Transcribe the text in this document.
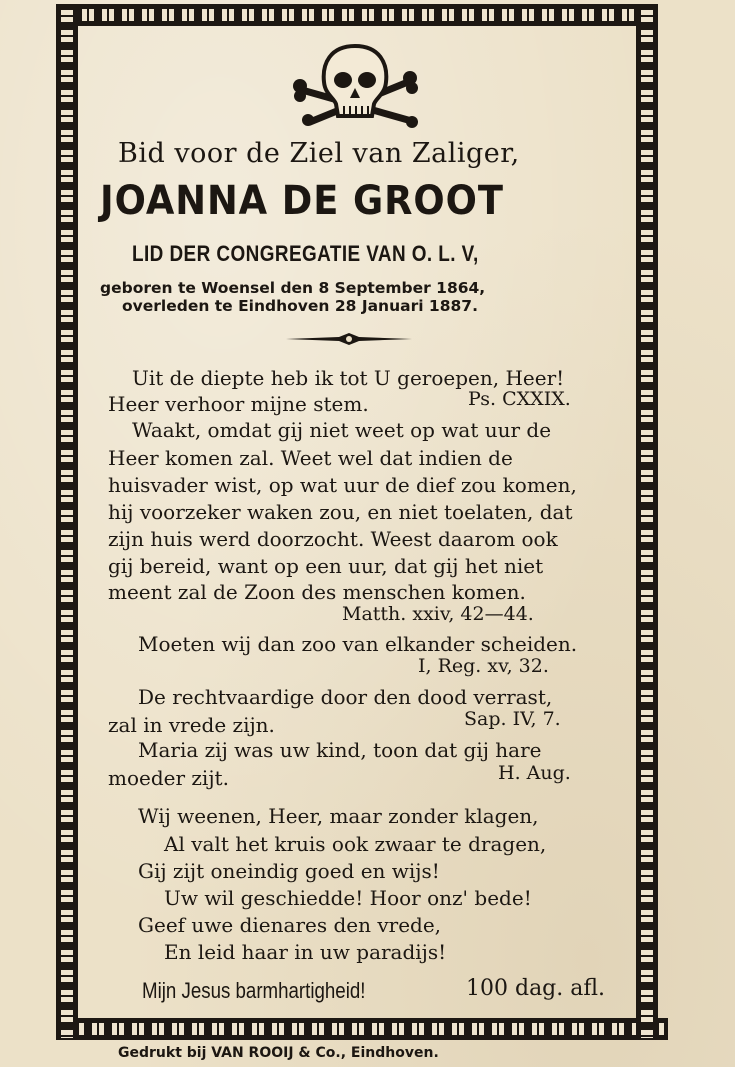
Bid voor de Ziel van Zaliger,
JOANNA DE GROOT
LID DER CONGREGATIE VAN O. L. V,
geboren te Woensel den 8 September 1864,
overleden te Eindhoven 28 Januari 1887.
Uit de diepte heb ik tot U geroepen, Heer!
Heer verhoor mijne stem.	Ps. CXXIX.
Waakt, omdat gij niet weet op wat uur de
Heer komen zal. Weet wel dat indien de
huisvader wist, op wat uur de dief zou komen,
hij voorzeker waken zou, en niet toelaten, dat
zijn huis werd doorzocht. Weest daarom ook
gij bereid, want op een uur, dat gij het niet
meent zal de Zoon des menschen komen.
Matth. xxiv, 42—44.
Moeten wij dan zoo van elkander scheiden.
I, Reg. xv, 32.
De rechtvaardige door den dood verrast,
zal in vrede zijn.	Sap. IV, 7.
Maria zij was uw kind, toon dat gij hare
moeder zijt.	H. Aug.
Wij weenen, Heer, maar zonder klagen,
Al valt het kruis ook zwaar te dragen,
Gij zijt oneindig goed en wijs!
Uw wil geschiedde! Hoor onz' bede!
Geef uwe dienares den vrede,
En leid haar in uw paradijs!
Mijn Jesus barmhartigheid!	100 dag. afl.
Gedrukt bij VAN ROOIJ & Co., Eindhoven.
